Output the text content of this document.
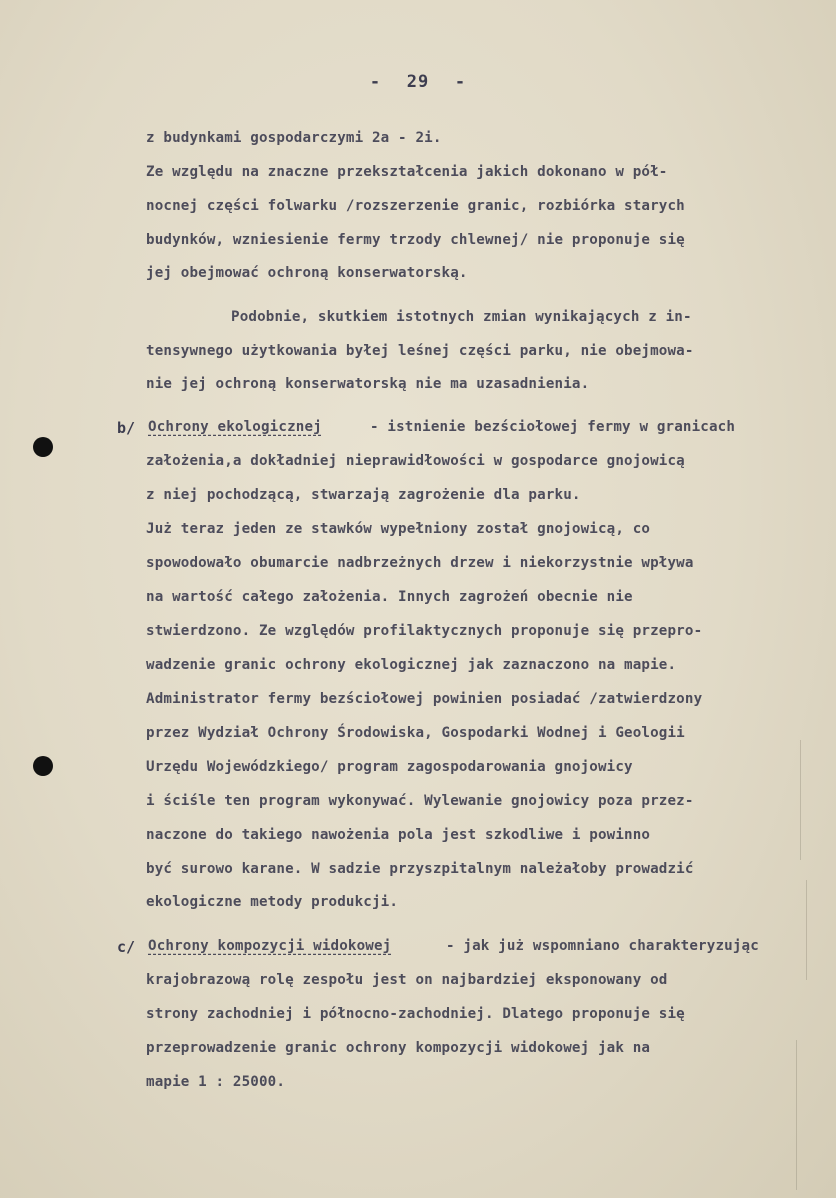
- 29 -
z budynkami gospodarczymi 2a - 2i.
Ze względu na znaczne przekształcenia jakich dokonano w pół-
nocnej części folwarku /rozszerzenie granic, rozbiórka starych
budynków, wzniesienie fermy trzody chlewnej/ nie proponuje się
jej obejmować ochroną konserwatorską.
Podobnie, skutkiem istotnych zmian wynikających z in-
tensywnego użytkowania byłej leśnej części parku, nie obejmowa-
nie jej ochroną konserwatorską nie ma uzasadnienia.
b/ Ochrony ekologicznej	- istnienie bezściołowej fermy w granicach
założenia,a dokładniej nieprawidłowości w gospodarce gnojowicą
z niej pochodzącą, stwarzają zagrożenie dla parku.
Już teraz jeden ze stawków wypełniony został gnojowicą, co
spowodowało obumarcie nadbrzeżnych drzew i niekorzystnie wpływa
na wartość całego założenia. Innych zagrożeń obecnie nie
stwierdzono. Ze względów profilaktycznych proponuje się przepro-
wadzenie granic ochrony ekologicznej jak zaznaczono na mapie.
Administrator fermy bezściołowej powinien posiadać /zatwierdzony
przez Wydział Ochrony Środowiska, Gospodarki Wodnej i Geologii
Urzędu Wojewódzkiego/ program zagospodarowania gnojowicy
i ściśle ten program wykonywać. Wylewanie gnojowicy poza przez-
naczone do takiego nawożenia pola jest szkodliwe i powinno
być surowo karane. W sadzie przyszpitalnym należałoby prowadzić
ekologiczne metody produkcji.
c/ Ochrony kompozycji widokowej	- jak już wspomniano charakteryzując
krajobrazową rolę zespołu jest on najbardziej eksponowany od
strony zachodniej i północno-zachodniej. Dlatego proponuje się
przeprowadzenie granic ochrony kompozycji widokowej jak na
mapie 1 : 25000.
